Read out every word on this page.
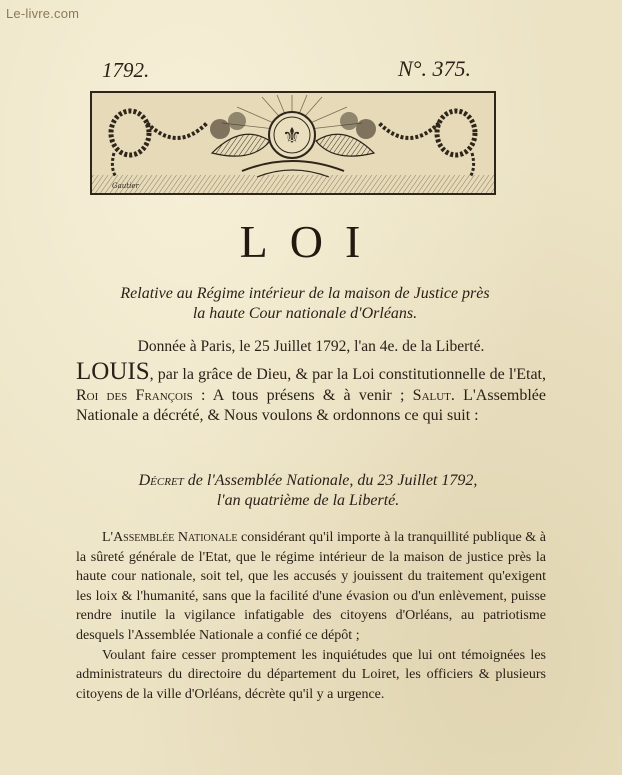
Le-livre.com
1792.	N°. 375.
⚜
Gautier
LOI
Relative au Régime intérieur de la maison de Justice près
la haute Cour nationale d'Orléans.
Donnée à Paris, le 25 Juillet 1792, l'an 4e. de la Liberté.
LOUIS, par la grâce de Dieu, & par la Loi constitutionnelle de l'Etat, Roi des François : A tous présens & à venir ; Salut. L'Assemblée Nationale a décrété, & Nous voulons & ordonnons ce qui suit :
Décret de l'Assemblée Nationale, du 23 Juillet 1792,
l'an quatrième de la Liberté.

L'Assemblée Nationale considérant qu'il importe à la tranquillité publique & à la sûreté générale de l'Etat, que le régime intérieur de la maison de justice près la haute cour nationale, soit tel, que les accusés y jouissent du traitement qu'exigent les loix & l'humanité, sans que la facilité d'une évasion ou d'un enlèvement, puisse rendre inutile la vigilance infatigable des citoyens d'Orléans, au patriotisme desquels l'Assemblée Nationale a confié ce dépôt ;

Voulant faire cesser promptement les inquiétudes que lui ont témoignées les administrateurs du directoire du département du Loiret, les officiers & plusieurs citoyens de la ville d'Orléans, décrète qu'il y a urgence.
